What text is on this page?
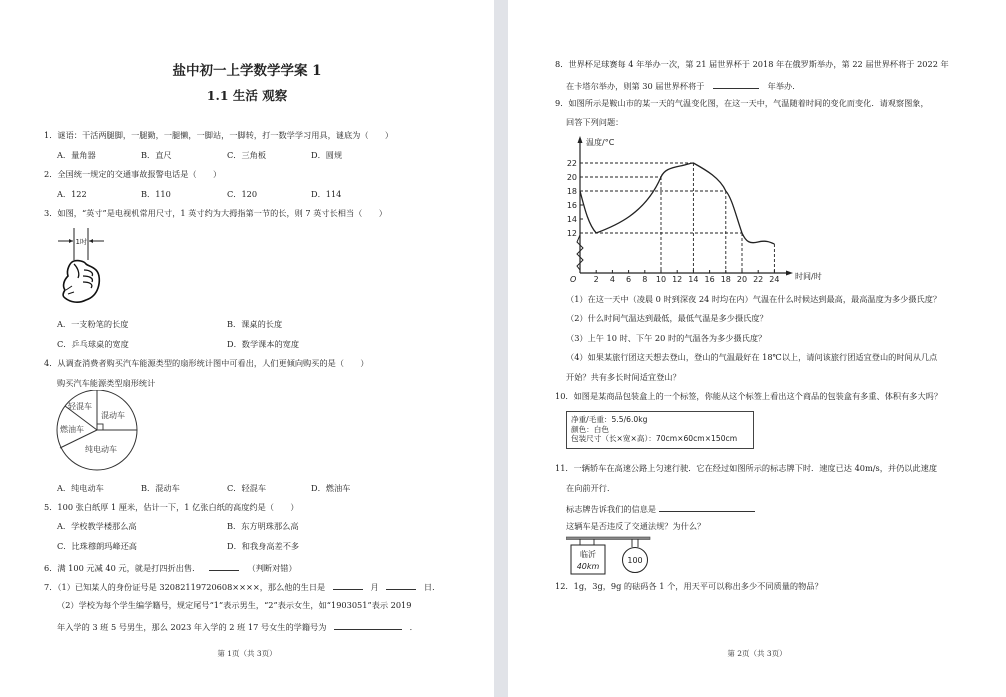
盐中初一上学数学学案 1
1.1 生活 观察
1．谜语：干活两腿脚，一腿勤，一腿懒，一脚站，一脚转，打一数学学习用具，谜底为（　　）
A．量角器	B．直尺	C．三角板	D．圆规
2．全国统一规定的交通事故报警电话是（　　）
A．122	B．110	C．120	D．114
3．如图，“英寸”是电视机常用尺寸，1 英寸约为大拇指第一节的长，则 7 英寸长相当（　　）
1吋
A．一支粉笔的长度	B．课桌的长度
C．乒乓球桌的宽度	D．数学课本的宽度
4．从调查消费者购买汽车能源类型的扇形统计图中可看出，人们更倾向购买的是（　　）
购买汽车能源类型扇形统计
轻混车
混动车
燃油车
纯电动车
A．纯电动车	B．混动车	C．轻混车	D．燃油车
5．100 张白纸厚 1 厘米，估计一下，1 亿张白纸的高度约是（　　）
A．学校教学楼那么高	B．东方明珠那么高
C．比珠穆朗玛峰还高	D．和我身高差不多
6．满 100 元减 40 元，就是打四折出售．	（判断对错）
7．（1）已知某人的身份证号是 32082119720608××××，那么他的生日是	月	日．
（2）学校为每个学生编学籍号，规定尾号“1”表示男生，“2”表示女生，如“1903051”表示 2019
年入学的 3 班 5 号男生，那么 2023 年入学的 2 班 17 号女生的学籍号为	．
第 1页（共 3页）
8．世界杯足球赛每 4 年举办一次，第 21 届世界杯于 2018 年在俄罗斯举办，第 22 届世界杯将于 2022 年
在卡塔尔举办，则第 30 届世界杯将于	年举办．
9．如图所示是鞍山市的某一天的气温变化图，在这一天中，气温随着时间的变化而变化．请观察图象，
回答下列问题：
温度/°C
时间/时
O
22
20
18
16
14
12
2 4 6 8 10 12 14 16 18 20 22 24
（1）在这一天中（凌晨 0 时到深夜 24 时均在内）气温在什么时候达到最高，最高温度为多少摄氏度？
（2）什么时间气温达到最低，最低气温是多少摄氏度？
（3）上午 10 时、下午 20 时的气温各为多少摄氏度？
（4）如果某旅行团这天想去登山，登山的气温最好在 18℃以上，请问该旅行团适宜登山的时间从几点
开始？共有多长时间适宜登山？
10．如图是某商品包装盒上的一个标签，你能从这个标签上看出这个商品的包装盒有多重、体积有多大吗？
净重/毛重：5.5/6.0kg
颜色：白色
包装尺寸（长×宽×高）：70cm×60cm×150cm
11．一辆轿车在高速公路上匀速行驶．它在经过如图所示的标志牌下时．速度已达 40m/s，并仍以此速度
在向前开行．
标志牌告诉我们的信息是
这辆车是否违反了交通法规？为什么？
临沂
40km
100
12．1g，3g，9g 的砝码各 1 个，用天平可以称出多少不同质量的物品？
第 2页（共 3页）
